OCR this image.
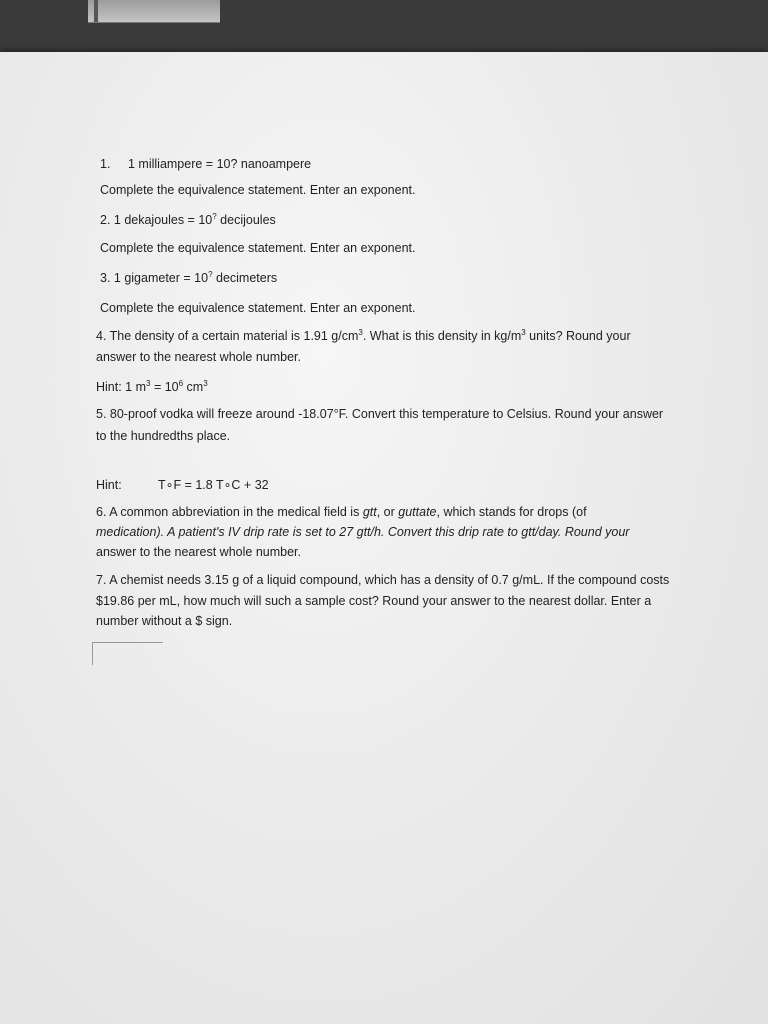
1. 1 milliampere = 10? nanoampere
Complete the equivalence statement. Enter an exponent.
2. 1 dekajoules = 10? decijoules
Complete the equivalence statement. Enter an exponent.
3. 1 gigameter = 10? decimeters
Complete the equivalence statement. Enter an exponent.
4. The density of a certain material is 1.91 $g/cm^3$. What is this density in $kg/m^3$ units? Round your
answer to the nearest whole number.
Hint: 1 $m^3 = 10^6$ $cm^3$
5. 80-proof vodka will freeze around -18.07°F. Convert this temperature to Celsius. Round your answer
to the hundredths place.
Hint:	T∘F = 1.8 T∘C + 32
6. A common abbreviation in the medical field is gtt, or guttate, which stands for drops (of
medication). A patient's IV drip rate is set to 27 gtt/h. Convert this drip rate to gtt/day. Round your
answer to the nearest whole number.
7. A chemist needs 3.15 g of a liquid compound, which has a density of 0.7 g/mL. If the compound costs
$19.86 per mL, how much will such a sample cost? Round your answer to the nearest dollar. Enter a
number without a $ sign.
